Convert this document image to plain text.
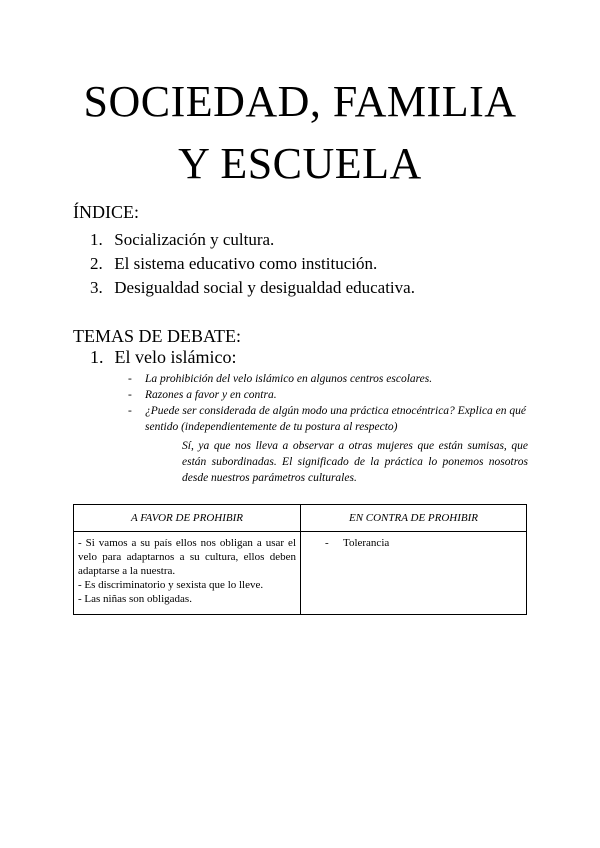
SOCIEDAD, FAMILIA
Y ESCUELA
ÍNDICE:
1. Socialización y cultura.
2. El sistema educativo como institución.
3. Desigualdad social y desigualdad educativa.
TEMAS DE DEBATE:
1. El velo islámico:
- La prohibición del velo islámico en algunos centros escolares.
- Razones a favor y en contra.
- ¿Puede ser considerada de algún modo una práctica etnocéntrica? Explica en qué sentido (independientemente de tu postura al respecto)
Sí, ya que nos lleva a observar a otras mujeres que están sumisas, que están subordinadas. El significado de la práctica lo ponemos nosotros desde nuestros parámetros culturales.
A FAVOR DE PROHIBIR	EN CONTRA DE PROHIBIR

- Si vamos a su país ellos nos obligan a usar el velo para adaptarnos a su cultura, ellos deben adaptarse a la nuestra.
- Es discriminatorio y sexista que lo lleve.
- Las niñas son obligadas.	- Tolerancia
